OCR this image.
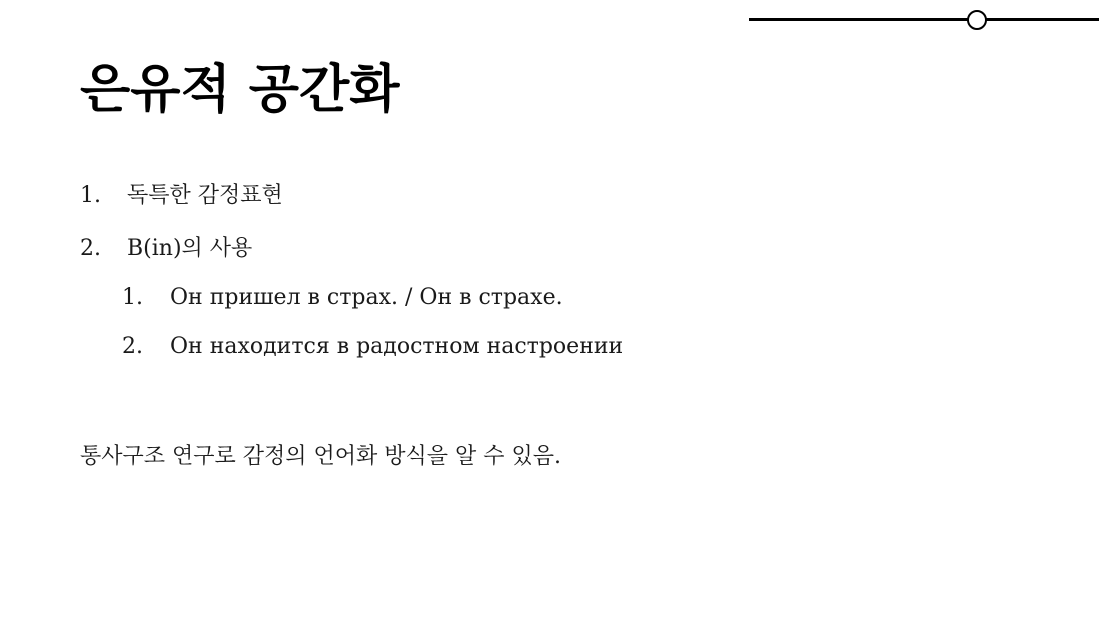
은유적 공간화
1. 독특한 감정표현
2. B(in)의 사용
1. Он пришел в страх. / Он в страхе.
2. Он находится в радостном настроении

통사구조 연구로 감정의 언어화 방식을 알 수 있음.
